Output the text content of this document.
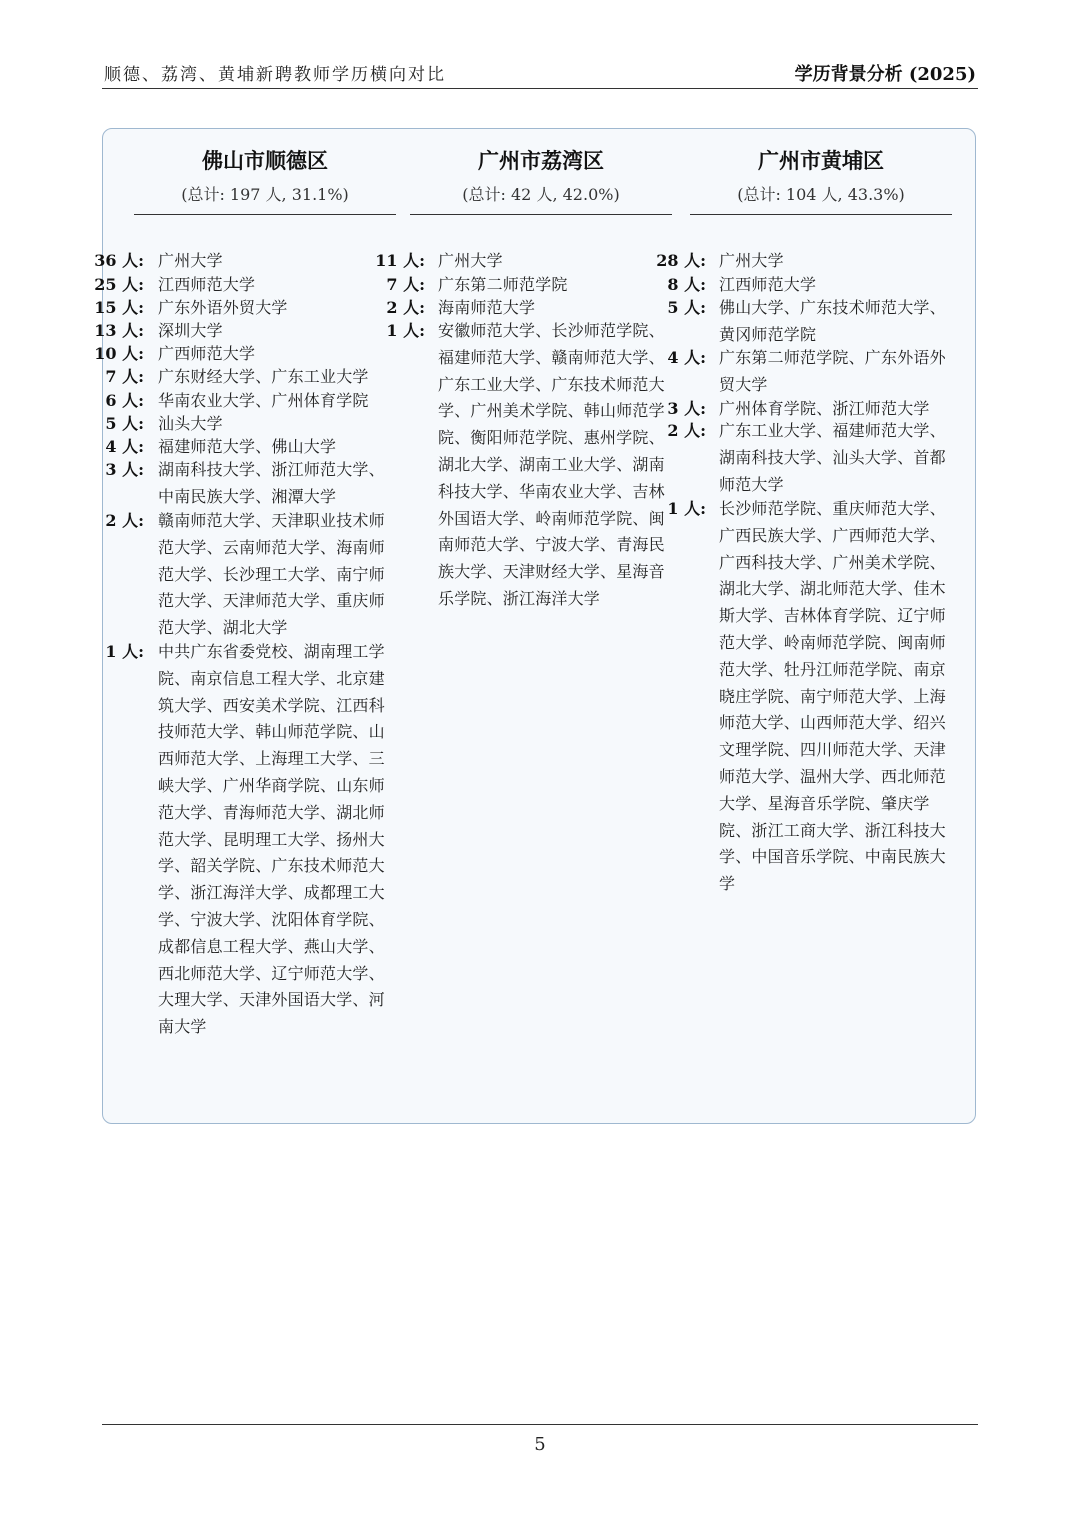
顺德、荔湾、黄埔新聘教师学历横向对比	学历背景分析 (2025)
佛山市顺德区
(总计: 197 人, 31.1%)
广州市荔湾区
(总计: 42 人, 42.0%)
广州市黄埔区
(总计: 104 人, 43.3%)
36 人: 广州大学
25 人: 江西师范大学
15 人: 广东外语外贸大学
13 人: 深圳大学
10 人: 广西师范大学
7 人: 广东财经大学、广东工业大学
6 人: 华南农业大学、广州体育学院
5 人: 汕头大学
4 人: 福建师范大学、佛山大学
3 人: 湖南科技大学、浙江师范大学、中南民族大学、湘潭大学
2 人: 赣南师范大学、天津职业技术师范大学、云南师范大学、海南师范大学、长沙理工大学、南宁师范大学、天津师范大学、重庆师范大学、湖北大学
1 人: 中共广东省委党校、湖南理工学院、南京信息工程大学、北京建筑大学、西安美术学院、江西科技师范大学、韩山师范学院、山西师范大学、上海理工大学、三峡大学、广州华商学院、山东师范大学、青海师范大学、湖北师范大学、昆明理工大学、扬州大学、韶关学院、广东技术师范大学、浙江海洋大学、成都理工大学、宁波大学、沈阳体育学院、成都信息工程大学、燕山大学、西北师范大学、辽宁师范大学、大理大学、天津外国语大学、河南大学
11 人: 广州大学
7 人: 广东第二师范学院
2 人: 海南师范大学
1 人: 安徽师范大学、长沙师范学院、福建师范大学、赣南师范大学、广东工业大学、广东技术师范大学、广州美术学院、韩山师范学院、衡阳师范学院、惠州学院、湖北大学、湖南工业大学、湖南科技大学、华南农业大学、吉林外国语大学、岭南师范学院、闽南师范大学、宁波大学、青海民族大学、天津财经大学、星海音乐学院、浙江海洋大学
28 人: 广州大学
8 人: 江西师范大学
5 人: 佛山大学、广东技术师范大学、黄冈师范学院
4 人: 广东第二师范学院、广东外语外贸大学
3 人: 广州体育学院、浙江师范大学
2 人: 广东工业大学、福建师范大学、湖南科技大学、汕头大学、首都师范大学
1 人: 长沙师范学院、重庆师范大学、广西民族大学、广西师范大学、广西科技大学、广州美术学院、湖北大学、湖北师范大学、佳木斯大学、吉林体育学院、辽宁师范大学、岭南师范学院、闽南师范大学、牡丹江师范学院、南京晓庄学院、南宁师范大学、上海师范大学、山西师范大学、绍兴文理学院、四川师范大学、天津师范大学、温州大学、西北师范大学、星海音乐学院、肇庆学院、浙江工商大学、浙江科技大学、中国音乐学院、中南民族大学
5
